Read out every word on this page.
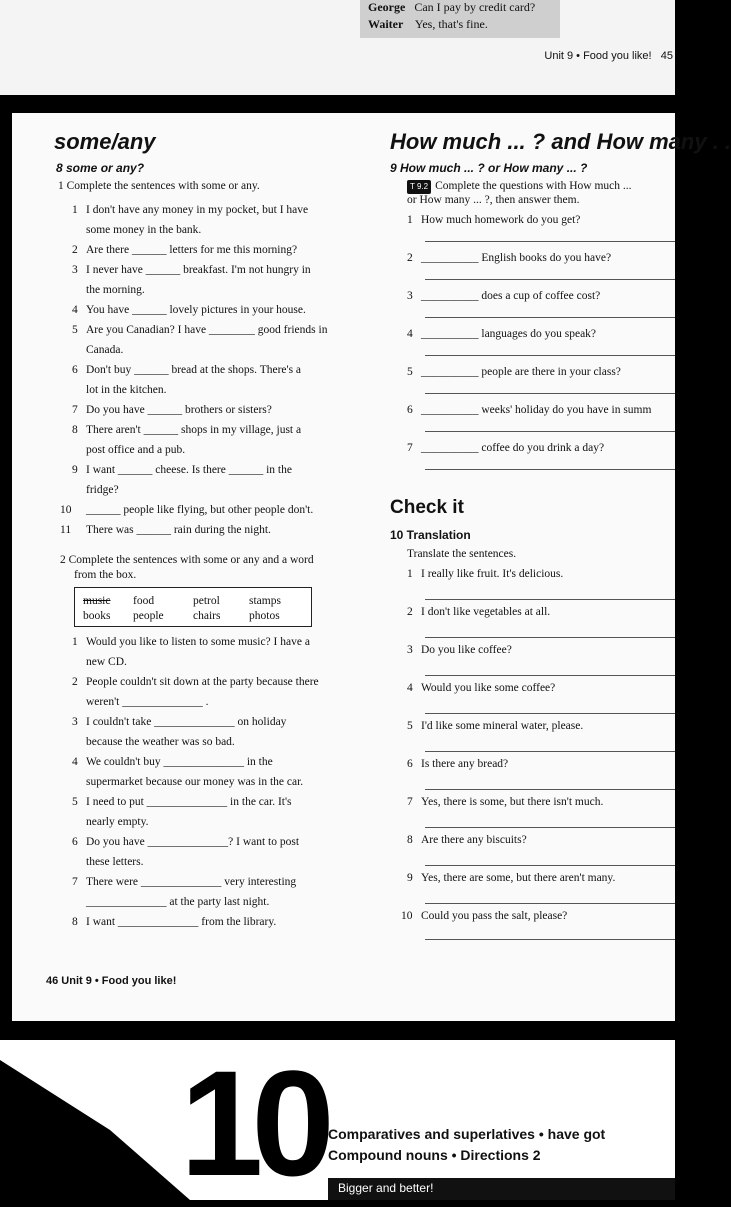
George Can I pay by credit card?
Waiter Yes, that's fine.
Unit 9 • Food you like! 45
some/any
8 some or any?
1 Complete the sentences with some or any.
1 I don't have any money in my pocket, but I have
some money in the bank.
2 Are there ______ letters for me this morning?
3 I never have ______ breakfast. I'm not hungry in
the morning.
4 You have ______ lovely pictures in your house.
5 Are you Canadian? I have ________ good friends in
Canada.
6 Don't buy ______ bread at the shops. There's a
lot in the kitchen.
7 Do you have ______ brothers or sisters?
8 There aren't ______ shops in my village, just a
post office and a pub.
9 I want ______ cheese. Is there ______ in the
fridge?
10 ______ people like flying, but other people don't.
11 There was ______ rain during the night.
2 Complete the sentences with some or any and a word
from the box.
music food	petrol	stamps
books people	chairs photos
1 Would you like to listen to some music? I have a
new CD.
2 People couldn't sit down at the party because there
weren't ______________ .
3 I couldn't take ______________ on holiday
because the weather was so bad.
4 We couldn't buy ______________ in the
supermarket because our money was in the car.
5 I need to put ______________ in the car. It's
nearly empty.
6 Do you have ______________? I want to post
these letters.
7 There were ______________ very interesting
______________ at the party last night.
8 I want ______________ from the library.
46 Unit 9 • Food you like!
How much ... ? and How many . .
9 How much ... ? or How many ... ?
T 9.2 Complete the questions with How much ...
or How many ... ?, then answer them.
1 How much homework do you get?
2 __________ English books do you have?
3 __________ does a cup of coffee cost?
4 __________ languages do you speak?
5 __________ people are there in your class?
6 __________ weeks' holiday do you have in summ
7 __________ coffee do you drink a day?
Check it
10 Translation
Translate the sentences.
1 I really like fruit. It's delicious.
2 I don't like vegetables at all.
3 Do you like coffee?
4 Would you like some coffee?
5 I'd like some mineral water, please.
6 Is there any bread?
7 Yes, there is some, but there isn't much.
8 Are there any biscuits?
9 Yes, there are some, but there aren't many.
10 Could you pass the salt, please?
10 Comparatives and superlatives • have got
Compound nouns • Directions 2
Bigger and better!
